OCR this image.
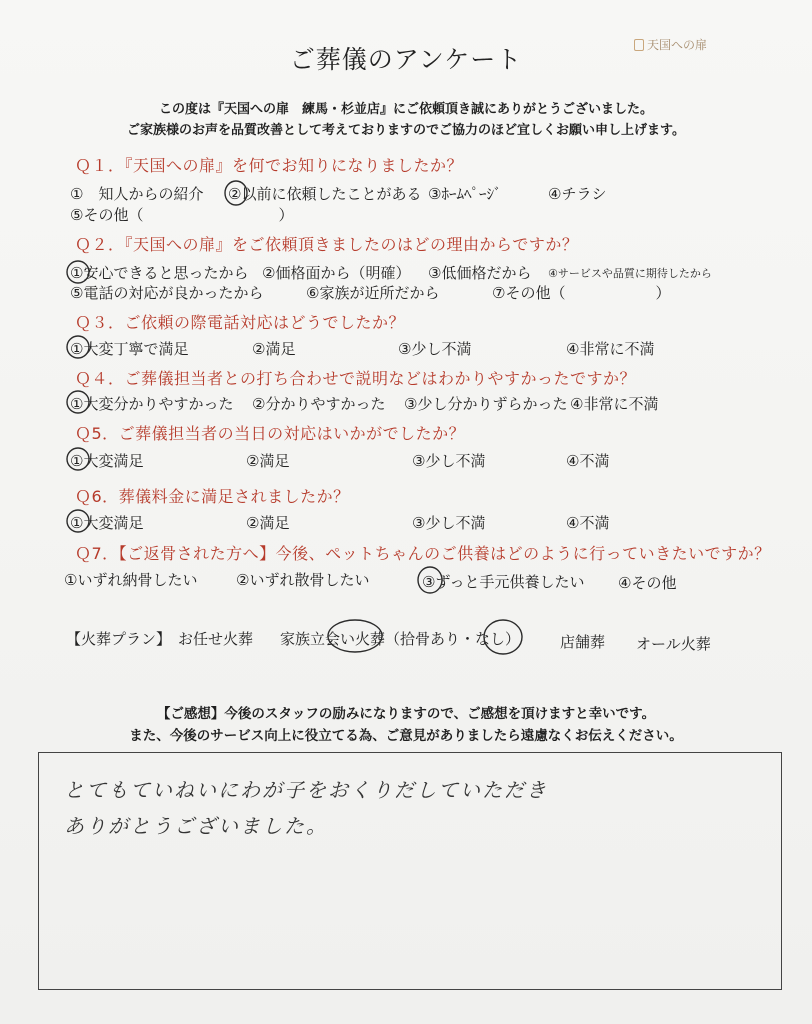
ご葬儀のアンケート	天国への扉
この度は『天国への扉　練馬・杉並店』にご依頼頂き誠にありがとうございました。
ご家族様のお声を品質改善として考えておりますのでご協力のほど宜しくお願い申し上げます。
Ｑ１．『天国への扉』を何でお知りになりましたか？
①　知人からの紹介 ②以前に依頼したことがある ③ﾎｰﾑﾍﾟｰｼﾞ	④チラシ
⑤その他（　　　　　　　　　）
Ｑ２．『天国への扉』をご依頼頂きましたのはどの理由からですか？
①安心できると思ったから ②価格面から（明確） ③低価格だから ④サービスや品質に期待したから
⑤電話の対応が良かったから	⑥家族が近所だから	⑦その他（　　　　　　）
Ｑ３．ご依頼の際電話対応はどうでしたか？
①大変丁寧で満足	②満足	③少し不満	④非常に不満
Ｑ４．ご葬儀担当者との打ち合わせで説明などはわかりやすかったですか？
①大変分かりやすかった ②分かりやすかった ③少し分かりずらかった ④非常に不満
Ｑ5．ご葬儀担当者の当日の対応はいかがでしたか？
①大変満足	②満足	③少し不満	④不満
Ｑ6．葬儀料金に満足されましたか？
①大変満足	②満足	③少し不満	④不満
Ｑ7．【ご返骨された方へ】今後、ペットちゃんのご供養はどのように行っていきたいですか？
①いずれ納骨したい	②いずれ散骨したい	③ずっと手元供養したい ④その他
【火葬プラン】 お任せ火葬 家族立会い火葬（拾骨あり・なし）	店舗葬 オール火葬
【ご感想】今後のスタッフの励みになりますので、ご感想を頂けますと幸いです。
また、今後のサービス向上に役立てる為、ご意見がありましたら遠慮なくお伝えください。
とてもていねいにわが子をおくりだしていただき
ありがとうございました。
